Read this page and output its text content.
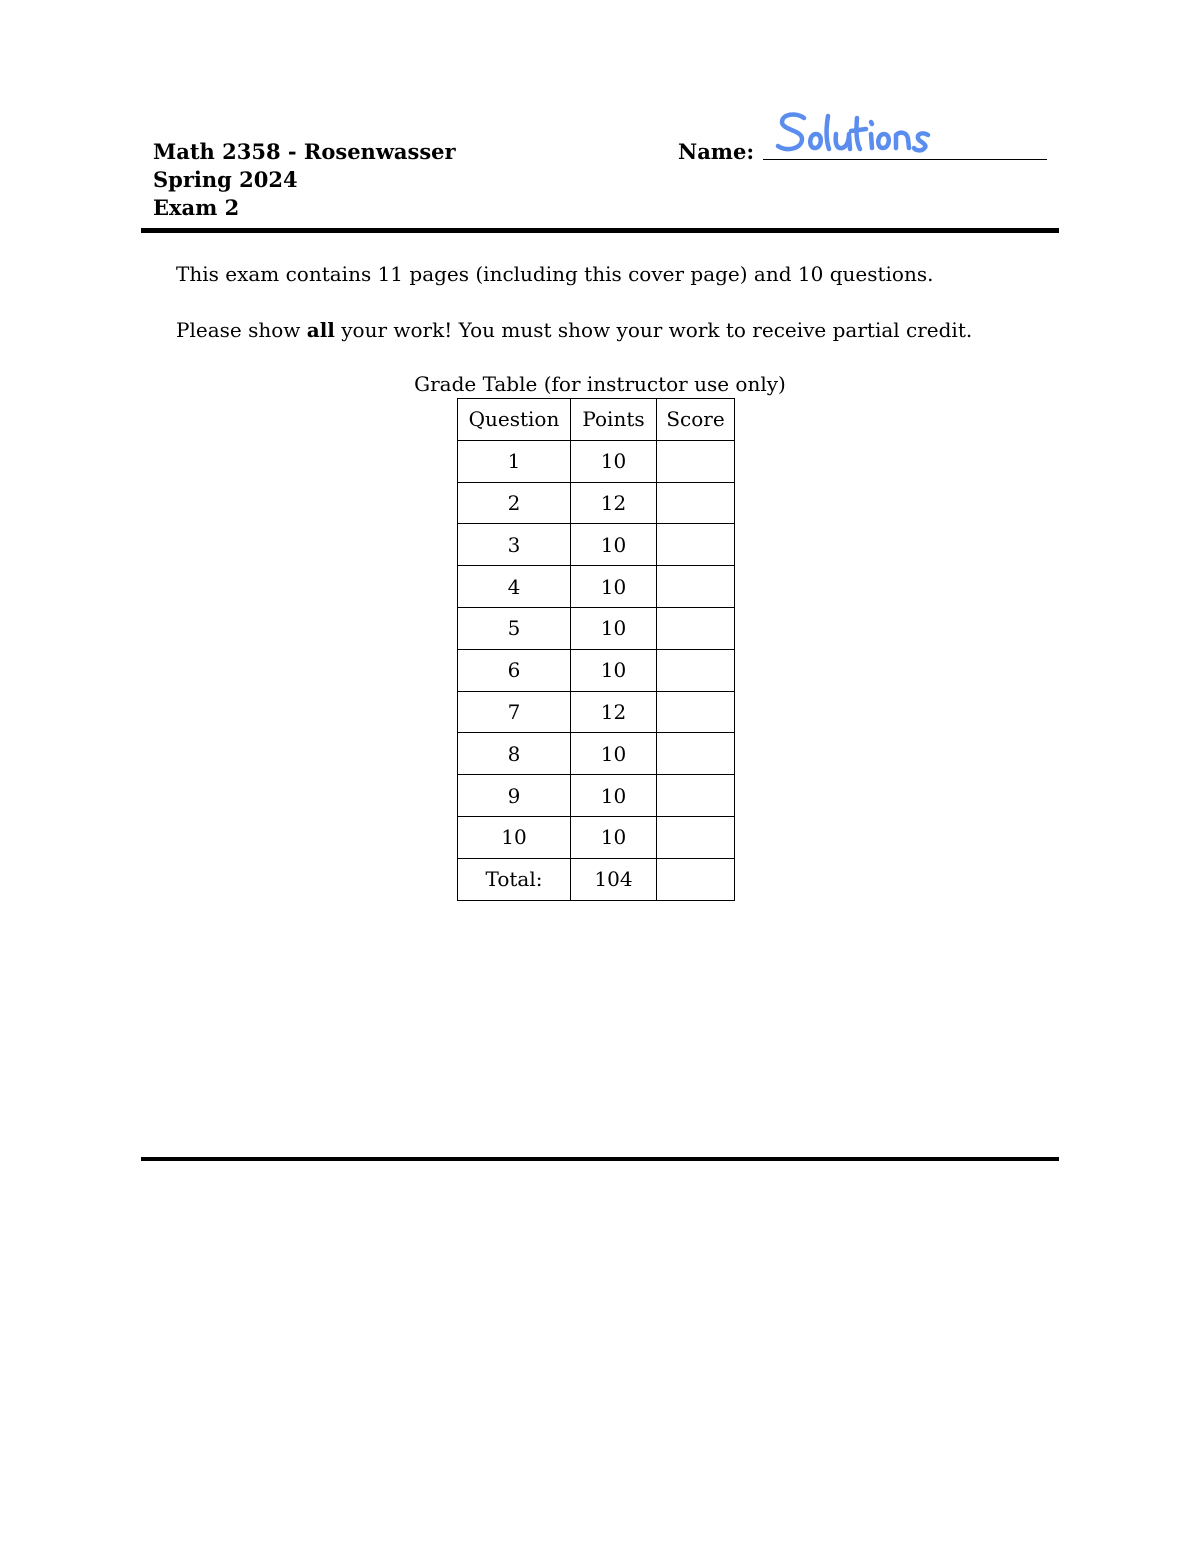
Math 2358 - Rosenwasser
Spring 2024
Exam 2
Name:
This exam contains 11 pages (including this cover page) and 10 questions.
Please show all your work! You must show your work to receive partial credit.
Grade Table (for instructor use only)
Question	Points	Score
1	10	
2	12	
3	10	
4	10	
5	10	
6	10	
7	12	
8	10	
9	10	
10	10	
Total:	104	
